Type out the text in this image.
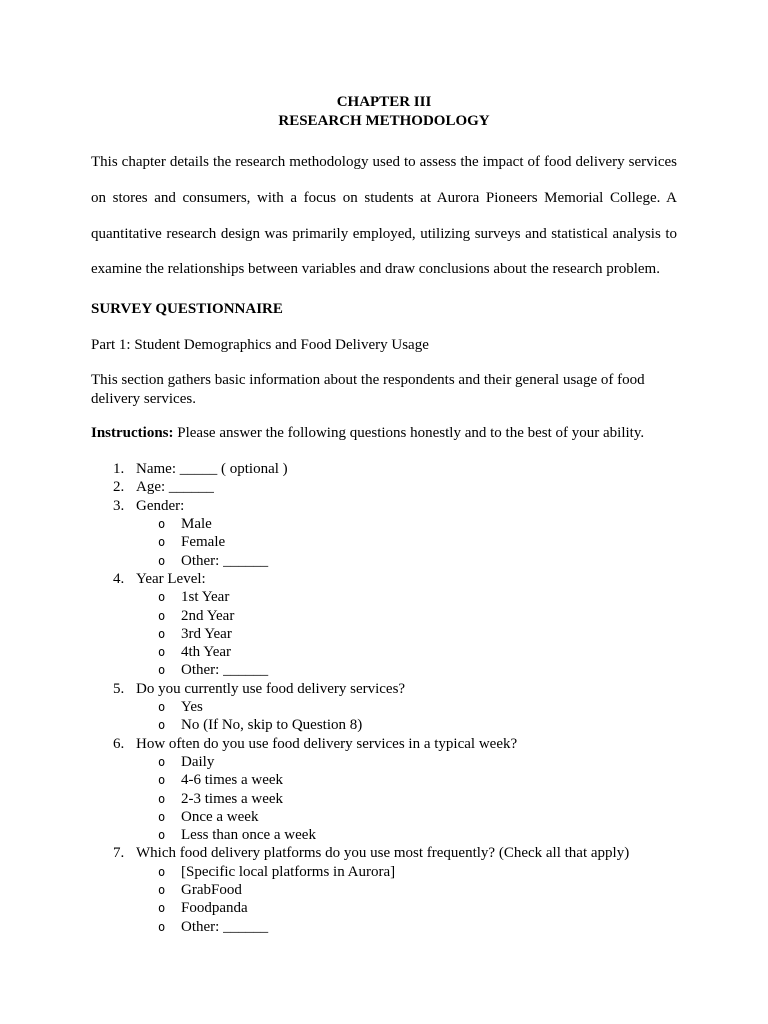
CHAPTER III
RESEARCH METHODOLOGY

This chapter details the research methodology used to assess the impact of food delivery services on stores and consumers, with a focus on students at Aurora Pioneers Memorial College. A quantitative research design was primarily employed, utilizing surveys and statistical analysis to examine the relationships between variables and draw conclusions about the research problem.

SURVEY QUESTIONNAIRE

Part 1: Student Demographics and Food Delivery Usage

This section gathers basic information about the respondents and their general usage of food delivery services.

Instructions: Please answer the following questions honestly and to the best of your ability.

1. Name: _____ ( optional )
2. Age: ______
3. Gender:
o Male
o Female
o Other: ______
4. Year Level:
o 1st Year
o 2nd Year
o 3rd Year
o 4th Year
o Other: ______
5. Do you currently use food delivery services?
o Yes
o No (If No, skip to Question 8)
6. How often do you use food delivery services in a typical week?
o Daily
o 4-6 times a week
o 2-3 times a week
o Once a week
o Less than once a week
7. Which food delivery platforms do you use most frequently? (Check all that apply)
o [Specific local platforms in Aurora]
o GrabFood
o Foodpanda
o Other: ______
